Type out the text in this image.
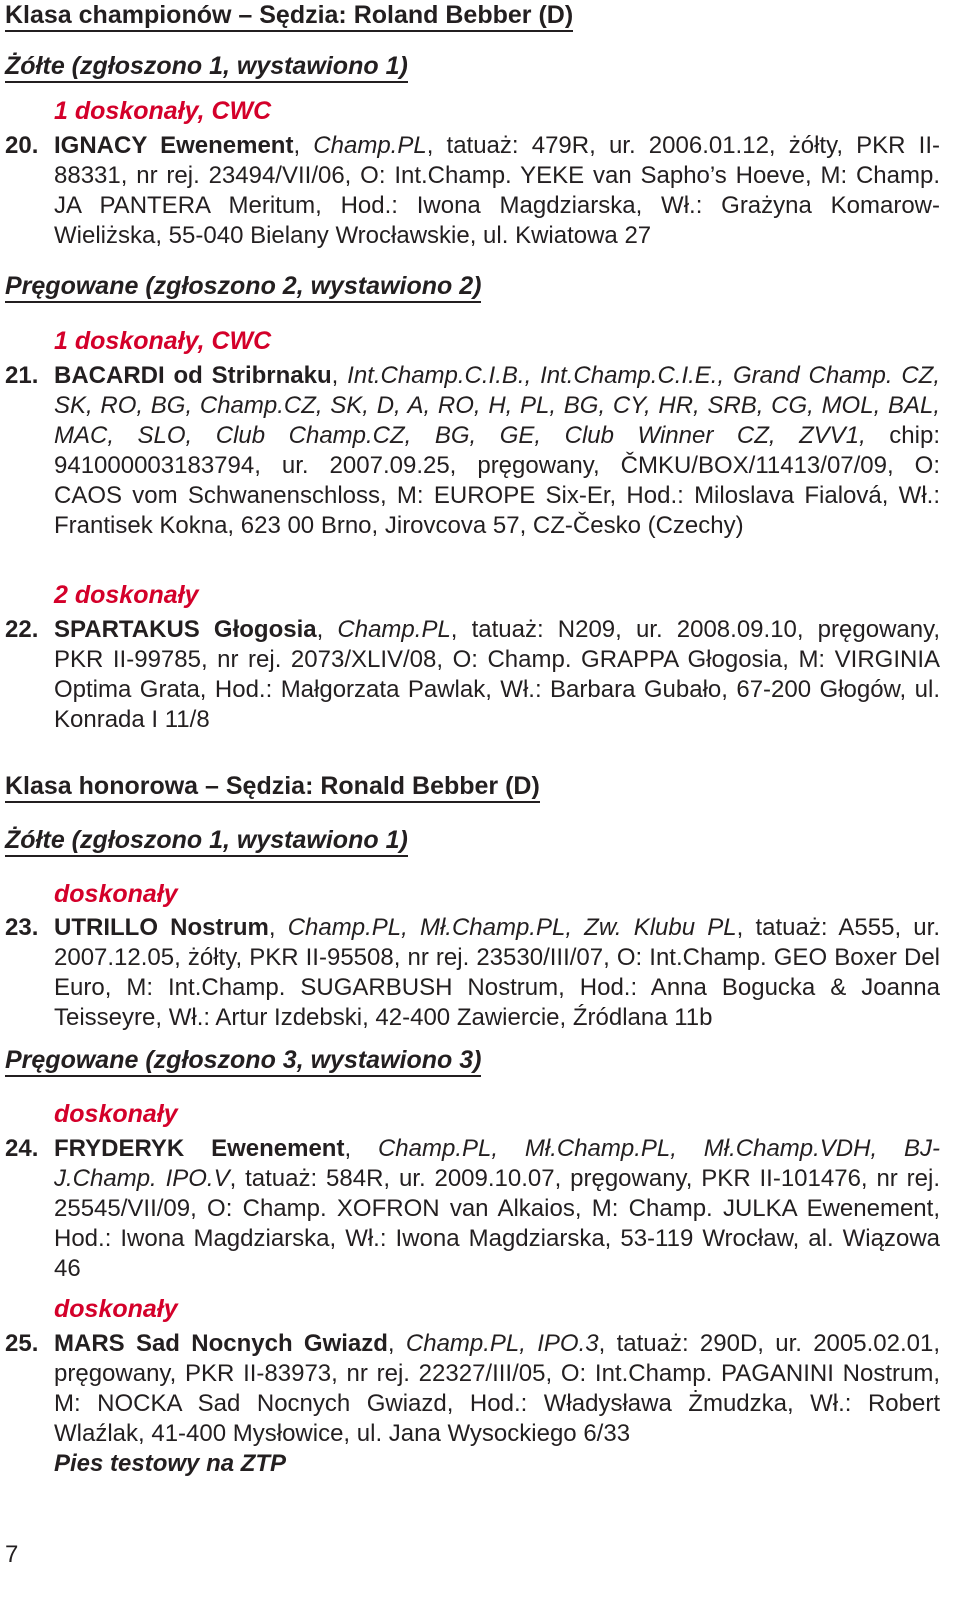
Klasa championów – Sędzia: Roland Bebber (D)
Żółte (zgłoszono 1, wystawiono 1)
1 doskonały, CWC

20. IGNACY Ewenement, Champ.PL, tatuaż: 479R, ur. 2006.01.12, żółty, PKR II-88331, nr rej. 23494/VII/06, O: Int.Champ. YEKE van Sapho’s Hoeve, M: Champ. JA PANTERA Meritum, Hod.: Iwona Magdziarska, Wł.: Grażyna Komarow-Wieliżska, 55-040 Bielany Wrocławskie, ul. Kwiatowa 27

Pręgowane (zgłoszono 2, wystawiono 2)
1 doskonały, CWC

21. BACARDI od Stribrnaku, Int.Champ.C.I.B., Int.Champ.C.I.E., Grand Champ. CZ, SK, RO, BG, Champ.CZ, SK, D, A, RO, H, PL, BG, CY, HR, SRB, CG, MOL, BAL, MAC, SLO, Club Champ.CZ, BG, GE, Club Winner CZ, ZVV1, chip: 941000003183794, ur. 2007.09.25, pręgowany, ČMKU/BOX/11413/07/09, O: CAOS vom Schwanenschloss, M: EUROPE Six-Er, Hod.: Miloslava Fialová, Wł.: Frantisek Kokna, 623 00 Brno, Jirovcova 57, CZ-Česko (Czechy)

2 doskonały

22. SPARTAKUS Głogosia, Champ.PL, tatuaż: N209, ur. 2008.09.10, pręgowany, PKR II-99785, nr rej. 2073/XLIV/08, O: Champ. GRAPPA Głogosia, M: VIRGINIA Optima Grata, Hod.: Małgorzata Pawlak, Wł.: Barbara Gubało, 67-200 Głogów, ul. Konrada I 11/8

Klasa honorowa – Sędzia: Ronald Bebber (D)
Żółte (zgłoszono 1, wystawiono 1)
doskonały

23. UTRILLO Nostrum, Champ.PL, Mł.Champ.PL, Zw. Klubu PL, tatuaż: A555, ur. 2007.12.05, żółty, PKR II-95508, nr rej. 23530/III/07, O: Int.Champ. GEO Boxer Del Euro, M: Int.Champ. SUGARBUSH Nostrum, Hod.: Anna Bogucka & Joanna Teisseyre, Wł.: Artur Izdebski, 42-400 Zawiercie, Źródlana 11b

Pręgowane (zgłoszono 3, wystawiono 3)
doskonały

24. FRYDERYK Ewenement, Champ.PL, Mł.Champ.PL, Mł.Champ.VDH, BJ-J.Champ. IPO.V, tatuaż: 584R, ur. 2009.10.07, pręgowany, PKR II-101476, nr rej. 25545/VII/09, O: Champ. XOFRON van Alkaios, M: Champ. JULKA Ewenement, Hod.: Iwona Magdziarska, Wł.: Iwona Magdziarska, 53-119 Wrocław, al. Wiązowa 46

doskonały

25. MARS Sad Nocnych Gwiazd, Champ.PL, IPO.3, tatuaż: 290D, ur. 2005.02.01, pręgowany, PKR II-83973, nr rej. 22327/III/05, O: Int.Champ. PAGANINI Nostrum, M: NOCKA Sad Nocnych Gwiazd, Hod.: Władysława Żmudzka, Wł.: Robert Wlaźlak, 41-400 Mysłowice, ul. Jana Wysockiego 6/33
Pies testowy na ZTP

7
